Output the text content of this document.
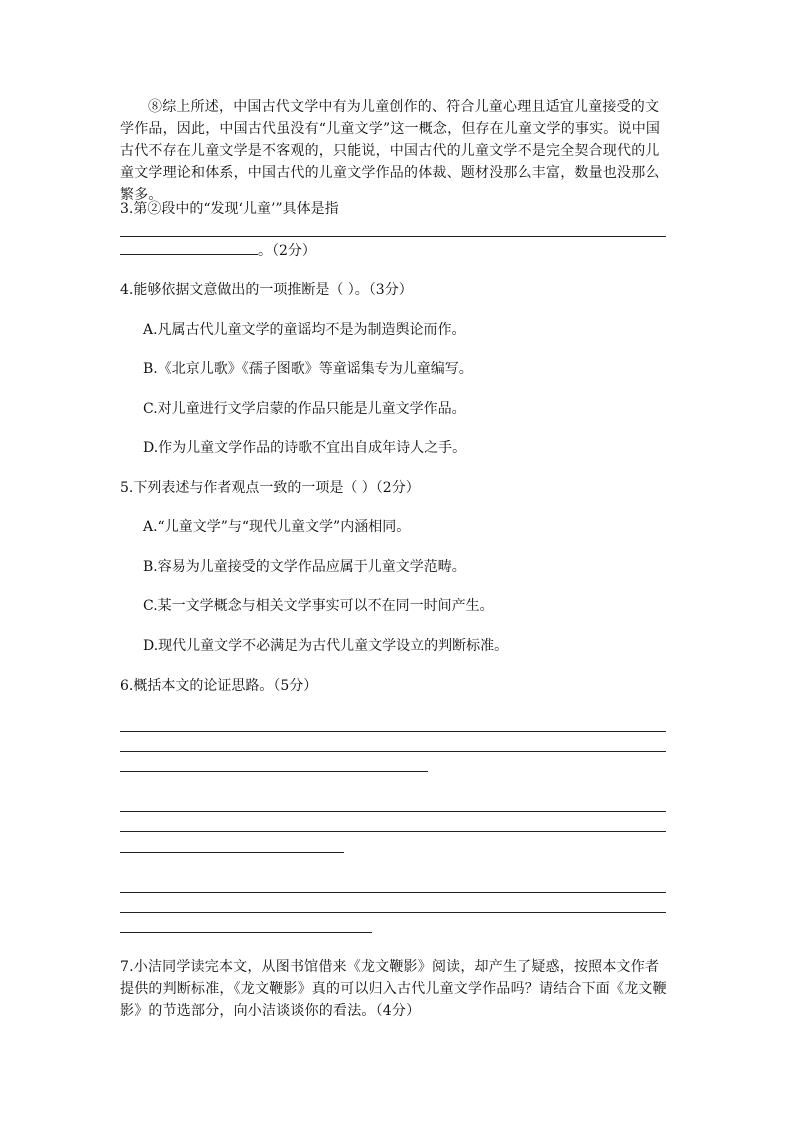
⑧综上所述，中国古代文学中有为儿童创作的、符合儿童心理且适宜儿童接受的文学作品，因此，中国古代虽没有“儿童文学”这一概念，但存在儿童文学的事实。说中国古代不存在儿童文学是不客观的，只能说，中国古代的儿童文学不是完全契合现代的儿童文学理论和体系，中国古代的儿童文学作品的体裁、题材没那么丰富，数量也没那么繁多。

3.第②段中的“发现‘儿童’”具体是指

。（2分）

4.能够依据文意做出的一项推断是（ ）。（3分）

A.凡属古代儿童文学的童谣均不是为制造舆论而作。

B.《北京儿歌》《孺子图歌》等童谣集专为儿童编写。

C.对儿童进行文学启蒙的作品只能是儿童文学作品。

D.作为儿童文学作品的诗歌不宜出自成年诗人之手。

5.下列表述与作者观点一致的一项是（ ）（2分）

A.“儿童文学”与“现代儿童文学”内涵相同。

B.容易为儿童接受的文学作品应属于儿童文学范畴。

C.某一文学概念与相关文学事实可以不在同一时间产生。

D.现代儿童文学不必满足为古代儿童文学设立的判断标准。

6.概括本文的论证思路。（5分）

7.小洁同学读完本文，从图书馆借来《龙文鞭影》阅读，却产生了疑惑，按照本文作者提供的判断标准，《龙文鞭影》真的可以归入古代儿童文学作品吗？请结合下面《龙文鞭影》的节选部分，向小洁谈谈你的看法。（4分）
